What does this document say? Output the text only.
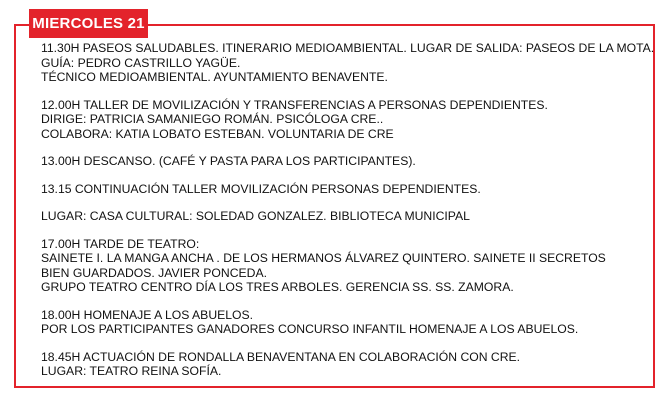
MIERCOLES 21
11.30H PASEOS SALUDABLES. ITINERARIO MEDIOAMBIENTAL. LUGAR DE SALIDA: PASEOS DE LA MOTA.
GUÍA: PEDRO CASTRILLO YAGÜE.
TÉCNICO MEDIOAMBIENTAL. AYUNTAMIENTO BENAVENTE.
12.00H TALLER DE MOVILIZACIÓN Y TRANSFERENCIAS A PERSONAS DEPENDIENTES.
DIRIGE: PATRICIA SAMANIEGO ROMÁN. PSICÓLOGA CRE..
COLABORA: KATIA LOBATO ESTEBAN. VOLUNTARIA DE CRE
13.00H DESCANSO. (CAFÉ Y PASTA PARA LOS PARTICIPANTES).
13.15 CONTINUACIÓN TALLER MOVILIZACIÓN PERSONAS DEPENDIENTES.
LUGAR: CASA CULTURAL: SOLEDAD GONZALEZ. BIBLIOTECA MUNICIPAL
17.00H TARDE DE TEATRO:
SAINETE I. LA MANGA ANCHA . DE LOS HERMANOS ÁLVAREZ QUINTERO. SAINETE II SECRETOS
BIEN GUARDADOS. JAVIER PONCEDA.
GRUPO TEATRO CENTRO DÍA LOS TRES ARBOLES. GERENCIA SS. SS. ZAMORA.
18.00H HOMENAJE A LOS ABUELOS.
POR LOS PARTICIPANTES GANADORES CONCURSO INFANTIL HOMENAJE A LOS ABUELOS.
18.45H ACTUACIÓN DE RONDALLA BENAVENTANA EN COLABORACIÓN CON CRE.
LUGAR: TEATRO REINA SOFÍA.
